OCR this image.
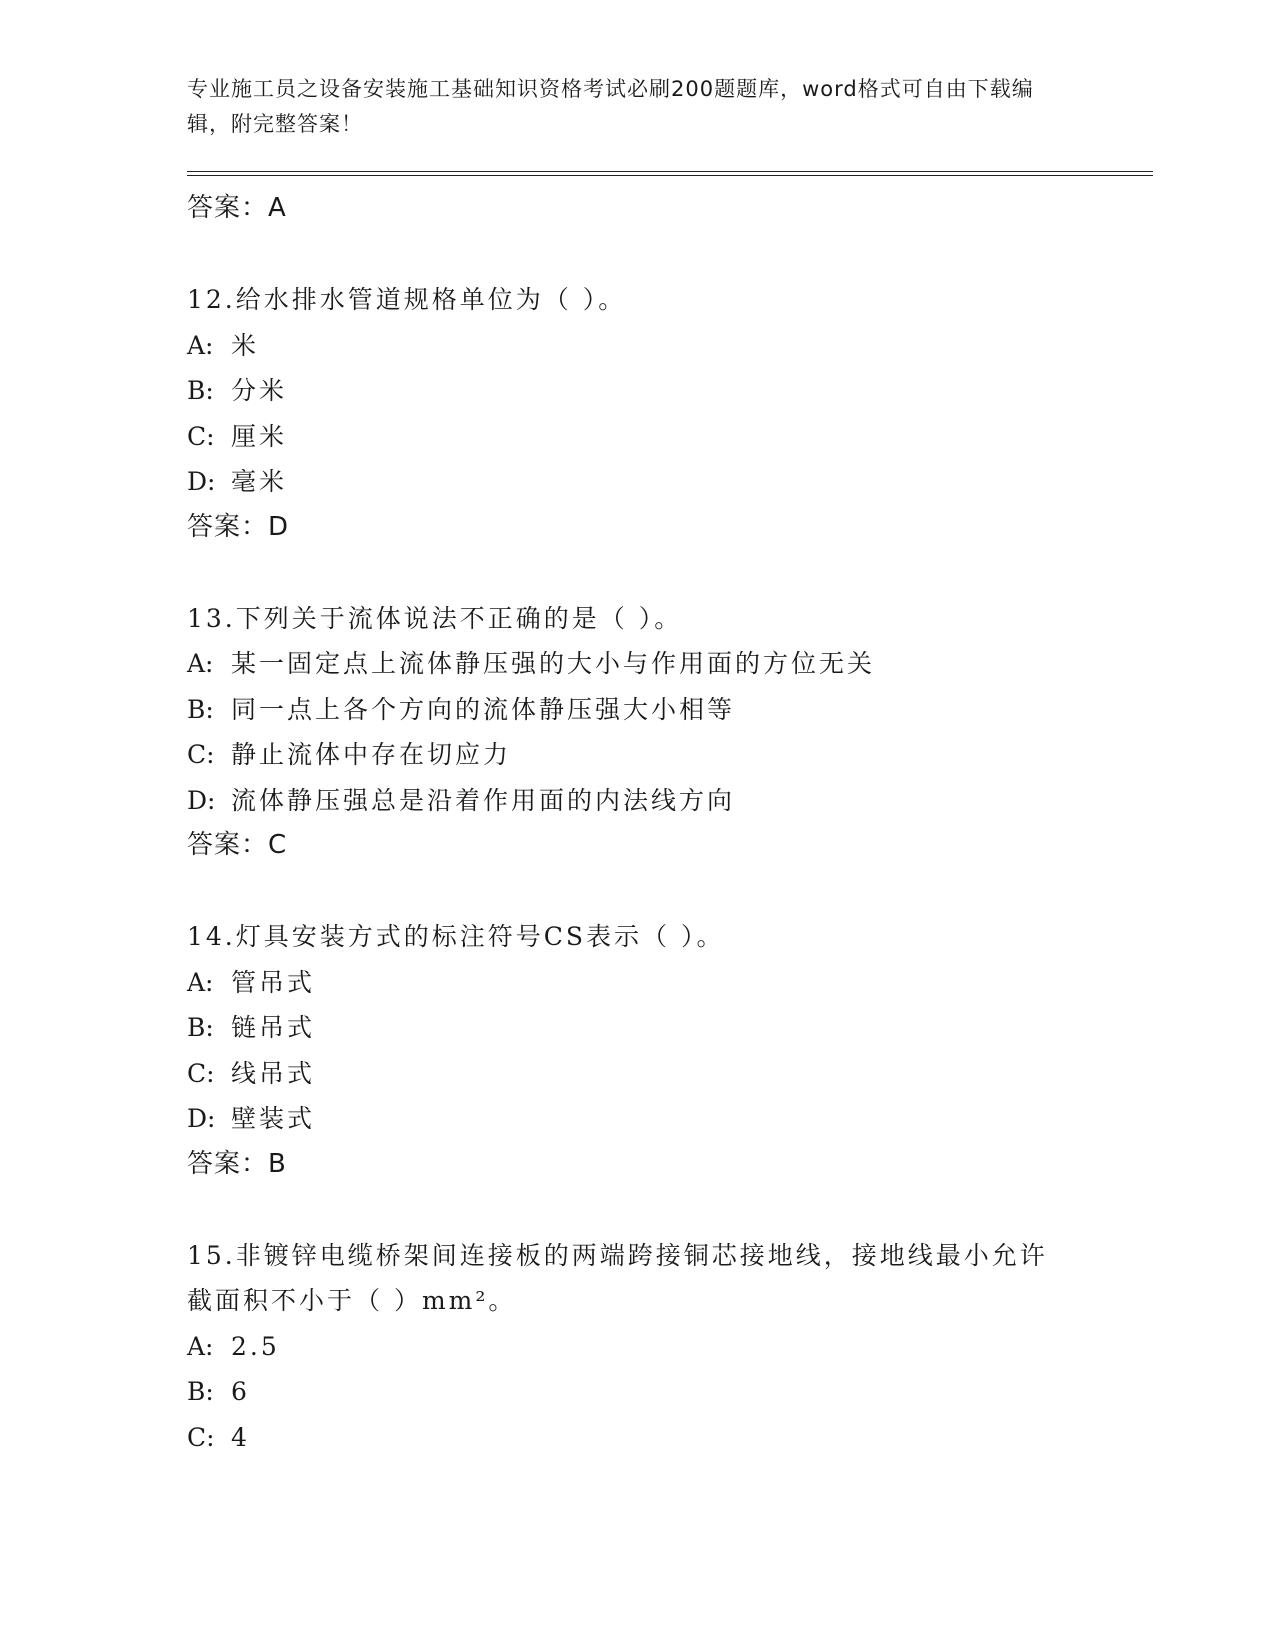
专业施工员之设备安装施工基础知识资格考试必刷200题题库，word格式可自由下载编辑，附完整答案！
答案：A
12.给水排水管道规格单位为（ ）。
A: 米
B: 分米
C: 厘米
D: 毫米
答案：D
13.下列关于流体说法不正确的是（ ）。
A: 某一固定点上流体静压强的大小与作用面的方位无关
B: 同一点上各个方向的流体静压强大小相等
C: 静止流体中存在切应力
D: 流体静压强总是沿着作用面的内法线方向
答案：C
14.灯具安装方式的标注符号CS表示（ ）。
A: 管吊式
B: 链吊式
C: 线吊式
D: 壁装式
答案：B
15.非镀锌电缆桥架间连接板的两端跨接铜芯接地线，接地线最小允许截面积不小于（ ）mm²。
A: 2.5
B: 6
C: 4
